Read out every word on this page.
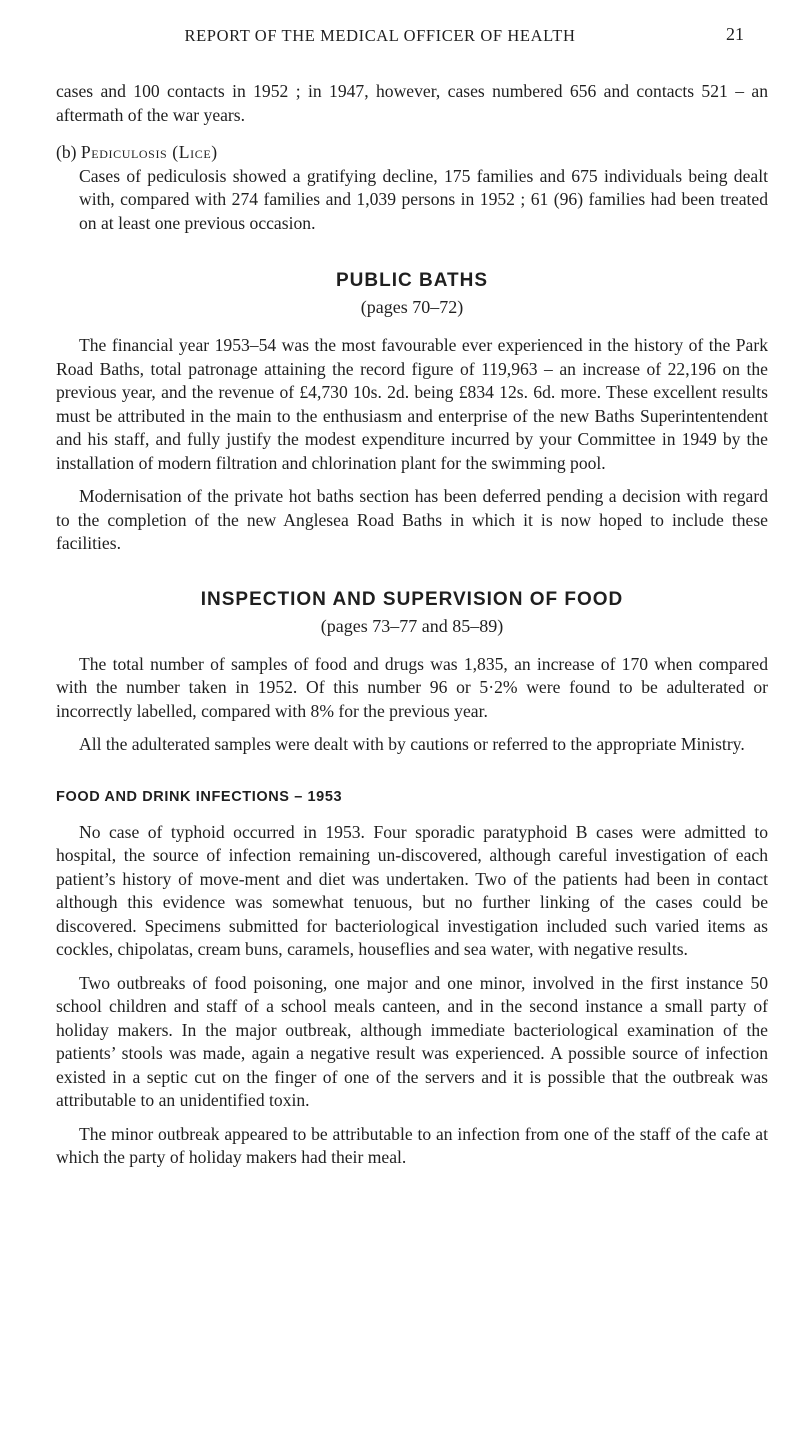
REPORT OF THE MEDICAL OFFICER OF HEALTH	21

cases and 100 contacts in 1952 ; in 1947, however, cases numbered 656 and contacts 521 – an aftermath of the war years.

(b) Pediculosis (Lice)

Cases of pediculosis showed a gratifying decline, 175 families and 675 individuals being dealt with, compared with 274 families and 1,039 persons in 1952 ; 61 (96) families had been treated on at least one previous occasion.

PUBLIC BATHS
(pages 70–72)

The financial year 1953–54 was the most favourable ever experienced in the history of the Park Road Baths, total patronage attaining the record figure of 119,963 – an increase of 22,196 on the previous year, and the revenue of £4,730 10s. 2d. being £834 12s. 6d. more. These excellent results must be attributed in the main to the enthusiasm and enterprise of the new Baths Superintentendent and his staff, and fully justify the modest expenditure incurred by your Committee in 1949 by the installation of modern filtration and chlorination plant for the swimming pool.

Modernisation of the private hot baths section has been deferred pending a decision with regard to the completion of the new Anglesea Road Baths in which it is now hoped to include these facilities.

INSPECTION AND SUPERVISION OF FOOD
(pages 73–77 and 85–89)

The total number of samples of food and drugs was 1,835, an increase of 170 when compared with the number taken in 1952. Of this number 96 or 5·2% were found to be adulterated or incorrectly labelled, compared with 8% for the previous year.

All the adulterated samples were dealt with by cautions or referred to the appropriate Ministry.

FOOD AND DRINK INFECTIONS – 1953

No case of typhoid occurred in 1953. Four sporadic paratyphoid B cases were admitted to hospital, the source of infection remaining un-discovered, although careful investigation of each patient’s history of move-ment and diet was undertaken. Two of the patients had been in contact although this evidence was somewhat tenuous, but no further linking of the cases could be discovered. Specimens submitted for bacteriological investigation included such varied items as cockles, chipolatas, cream buns, caramels, houseflies and sea water, with negative results.

Two outbreaks of food poisoning, one major and one minor, involved in the first instance 50 school children and staff of a school meals canteen, and in the second instance a small party of holiday makers. In the major outbreak, although immediate bacteriological examination of the patients’ stools was made, again a negative result was experienced. A possible source of infection existed in a septic cut on the finger of one of the servers and it is possible that the outbreak was attributable to an unidentified toxin.

The minor outbreak appeared to be attributable to an infection from one of the staff of the cafe at which the party of holiday makers had their meal.
